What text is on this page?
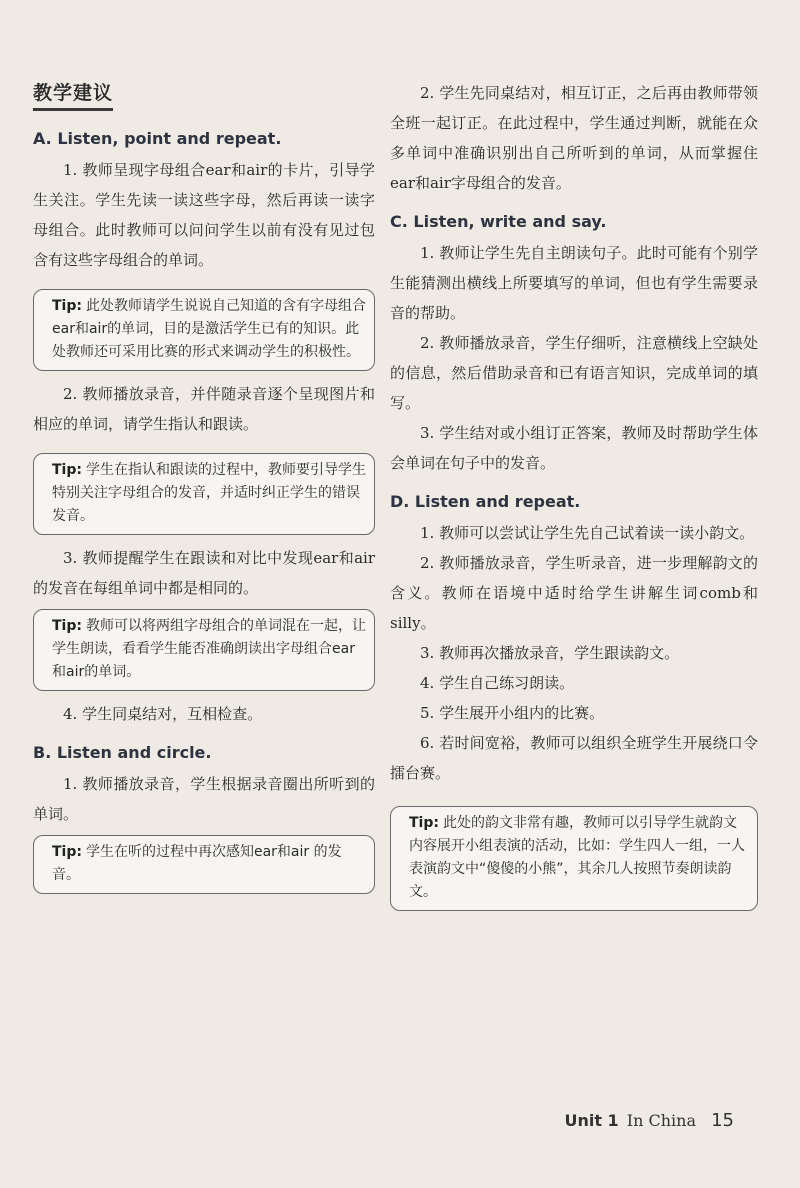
教学建议
A. Listen, point and repeat.

1. 教师呈现字母组合ear和air的卡片，引导学生关注。学生先读一读这些字母，然后再读一读字母组合。此时教师可以问问学生以前有没有见过包含有这些字母组合的单词。

Tip: 此处教师请学生说说自己知道的含有字母组合ear和air的单词，目的是激活学生已有的知识。此处教师还可采用比赛的形式来调动学生的积极性。

2. 教师播放录音，并伴随录音逐个呈现图片和相应的单词，请学生指认和跟读。

Tip: 学生在指认和跟读的过程中，教师要引导学生特别关注字母组合的发音，并适时纠正学生的错误发音。

3. 教师提醒学生在跟读和对比中发现ear和air的发音在每组单词中都是相同的。

Tip: 教师可以将两组字母组合的单词混在一起，让学生朗读，看看学生能否准确朗读出字母组合ear 和air的单词。

4. 学生同桌结对，互相检查。

B. Listen and circle.

1. 教师播放录音，学生根据录音圈出所听到的单词。

Tip: 学生在听的过程中再次感知ear和air 的发音。

2. 学生先同桌结对，相互订正，之后再由教师带领全班一起订正。在此过程中，学生通过判断，就能在众多单词中准确识别出自己所听到的单词，从而掌握住ear和air字母组合的发音。

C. Listen, write and say.

1. 教师让学生先自主朗读句子。此时可能有个别学生能猜测出横线上所要填写的单词，但也有学生需要录音的帮助。

2. 教师播放录音，学生仔细听，注意横线上空缺处的信息，然后借助录音和已有语言知识，完成单词的填写。

3. 学生结对或小组订正答案，教师及时帮助学生体会单词在句子中的发音。

D. Listen and repeat.

1. 教师可以尝试让学生先自己试着读一读小韵文。

2. 教师播放录音，学生听录音，进一步理解韵文的含义。教师在语境中适时给学生讲解生词comb和silly。

3. 教师再次播放录音，学生跟读韵文。

4. 学生自己练习朗读。

5. 学生展开小组内的比赛。

6. 若时间宽裕，教师可以组织全班学生开展绕口令擂台赛。

Tip: 此处的韵文非常有趣，教师可以引导学生就韵文内容展开小组表演的活动，比如：学生四人一组，一人表演韵文中“傻傻的小熊”，其余几人按照节奏朗读韵文。
Unit 1 In China 15
